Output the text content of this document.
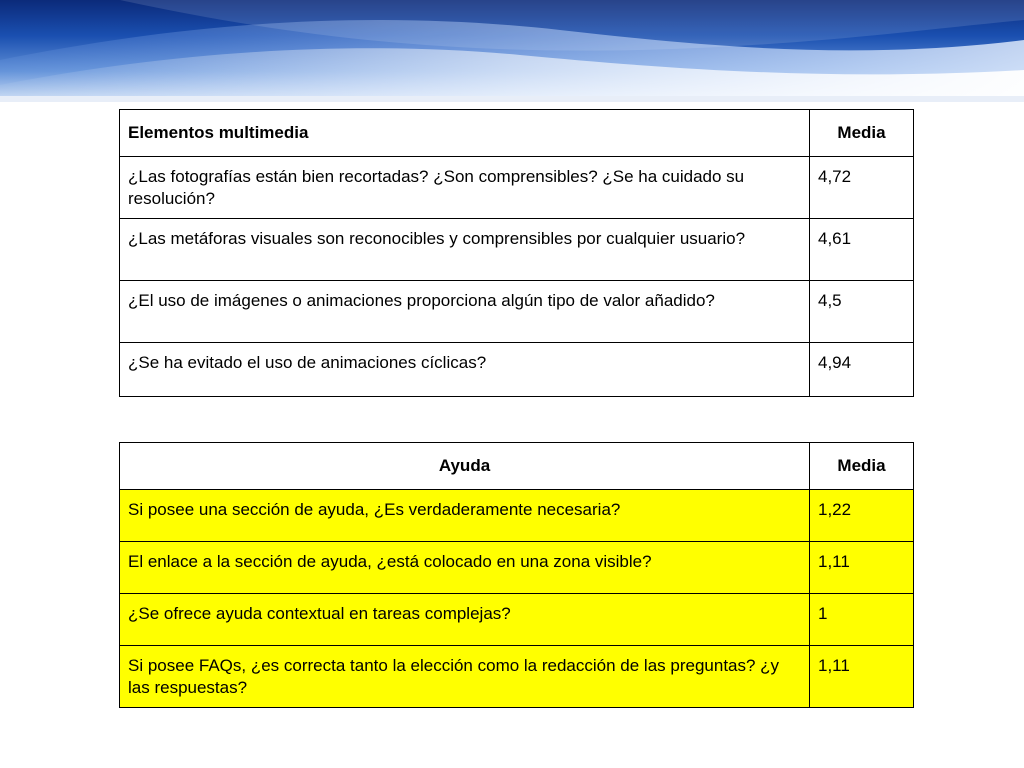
Elementos multimedia	Media
¿Las fotografías están bien recortadas? ¿Son comprensibles? ¿Se ha cuidado su resolución?	4,72
¿Las metáforas visuales son reconocibles y comprensibles por cualquier usuario?	4,61
¿El uso de imágenes o animaciones proporciona algún tipo de valor añadido?	4,5
¿Se ha evitado el uso de animaciones cíclicas?	4,94
Ayuda	Media
Si posee una sección de ayuda, ¿Es verdaderamente necesaria?	1,22
El enlace a la sección de ayuda, ¿está colocado en una zona visible?	1,11
¿Se ofrece ayuda contextual en tareas complejas?	1
Si posee FAQs, ¿es correcta tanto la elección como la redacción de las preguntas? ¿y las respuestas?	1,11
